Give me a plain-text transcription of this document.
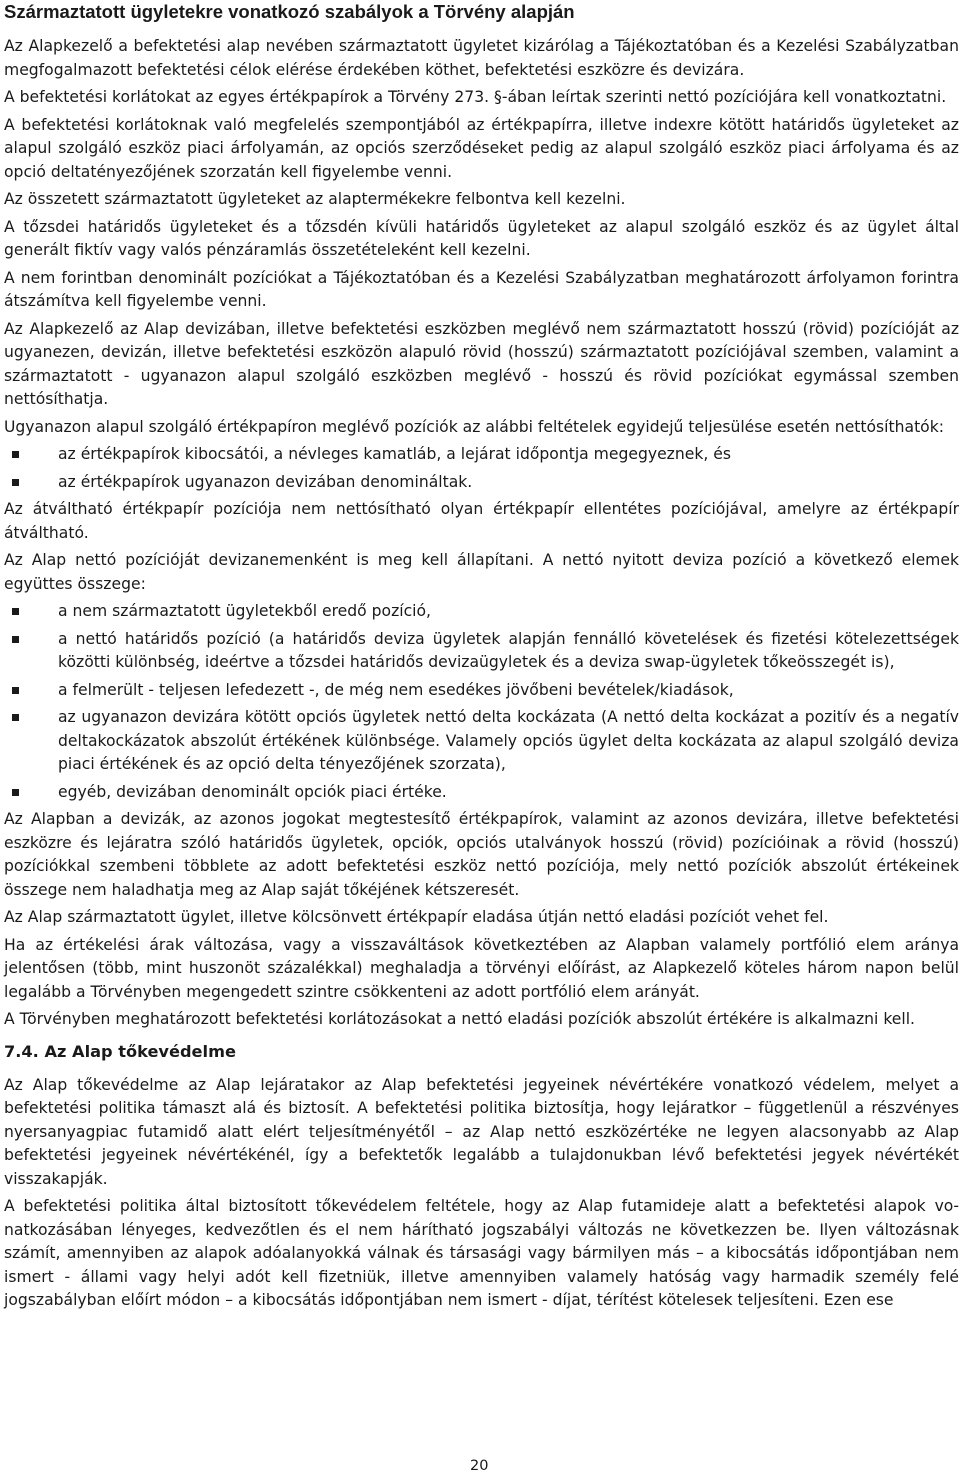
Származtatott ügyletekre vonatkozó szabályok a Törvény alapján

Az Alapkezelő a befektetési alap nevében származtatott ügyletet kizárólag a Tájékoztatóban és a Kezelési Szabályzatban megfogalmazott befektetési célok elérése érdekében köthet, befektetési eszközre és devizára.

A befektetési korlátokat az egyes értékpapírok a Törvény 273. §-ában leírtak szerinti nettó pozíciójára kell vonatkoztatni.

A befektetési korlátoknak való megfelelés szempontjából az értékpapírra, illetve indexre kötött határidős ügyleteket az alapul szolgáló eszköz piaci árfolyamán, az opciós szerződéseket pedig az alapul szolgáló eszköz piaci árfolyama és az opció deltatényezőjének szorzatán kell figyelembe venni.

Az összetett származtatott ügyleteket az alaptermékekre felbontva kell kezelni.

A tőzsdei határidős ügyleteket és a tőzsdén kívüli határidős ügyleteket az alapul szolgáló eszköz és az ügylet által generált fiktív vagy valós pénzáramlás összetételeként kell kezelni.

A nem forintban denominált pozíciókat a Tájékoztatóban és a Kezelési Szabályzatban meghatározott árfolyamon forintra átszámítva kell figyelembe venni.

Az Alapkezelő az Alap devizában, illetve befektetési eszközben meglévő nem származtatott hosszú (rövid) pozícióját az ugyanezen, devizán, illetve befektetési eszközön alapuló rövid (hosszú) származtatott pozíciójával szemben, valamint a származtatott - ugyanazon alapul szolgáló eszközben meglévő - hosszú és rövid pozíciókat egymással szemben nettósíthatja.

Ugyanazon alapul szolgáló értékpapíron meglévő pozíciók az alábbi feltételek egyidejű teljesülése esetén nettósíthatók:

az értékpapírok kibocsátói, a névleges kamatláb, a lejárat időpontja megegyeznek, és
az értékpapírok ugyanazon devizában denomináltak.

Az átváltható értékpapír pozíciója nem nettósítható olyan értékpapír ellentétes pozíciójával, amelyre az értékpapír átváltható.

Az Alap nettó pozícióját devizanemenként is meg kell állapítani. A nettó nyitott deviza pozíció a következő elemek együttes összege:

a nem származtatott ügyletekből eredő pozíció,
a nettó határidős pozíció (a határidős deviza ügyletek alapján fennálló követelések és fizetési kötelezettségek közötti különbség, ideértve a tőzsdei határidős devizaügyletek és a deviza swap-ügyletek tőkeösszegét is),
a felmerült - teljesen lefedezett -, de még nem esedékes jövőbeni bevételek/kiadások,
az ugyanazon devizára kötött opciós ügyletek nettó delta kockázata (A nettó delta kockázat a pozitív és a negatív deltakockázatok abszolút értékének különbsége. Valamely opciós ügylet delta kockázata az alapul szolgáló deviza piaci értékének és az opció delta tényezőjének szorzata),
egyéb, devizában denominált opciók piaci értéke.

Az Alapban a devizák, az azonos jogokat megtestesítő értékpapírok, valamint az azonos devizára, illetve befektetési eszközre és lejáratra szóló határidős ügyletek, opciók, opciós utalványok hosszú (rövid) pozícióinak a rövid (hosszú) pozíciókkal szembeni többlete az adott befektetési eszköz nettó pozíciója, mely nettó pozíciók abszolút értékeinek összege nem haladhatja meg az Alap saját tőkéjének kétszeresét.

Az Alap származtatott ügylet, illetve kölcsönvett értékpapír eladása útján nettó eladási pozíciót vehet fel.

Ha az értékelési árak változása, vagy a visszaváltások következtében az Alapban valamely portfólió elem aránya jelentősen (több, mint huszonöt százalékkal) meghaladja a törvényi előírást, az Alapkezelő köteles három napon belül legalább a Törvényben megengedett szintre csökkenteni az adott portfólió elem arányát.

A Törvényben meghatározott befektetési korlátozásokat a nettó eladási pozíciók abszolút értékére is alkalmazni kell.

7.4. Az Alap tőkevédelme

Az Alap tőkevédelme az Alap lejáratakor az Alap befektetési jegyeinek névértékére vonatkozó védelem, melyet a befektetési politika támaszt alá és biztosít. A befektetési politika biztosítja, hogy lejáratkor – függetlenül a részvényes nyersanyagpiac futamidő alatt elért teljesítményétől – az Alap nettó eszközértéke ne legyen alacsonyabb az Alap befektetési jegyeinek névértékénél, így a befektetők legalább a tulajdonukban lévő befektetési jegyek névértékét visszakapják.

A befektetési politika által biztosított tőkevédelem feltétele, hogy az Alap futamideje alatt a befektetési alapok vonatkozásában lényeges, kedvezőtlen és el nem hárítható jogszabályi változás ne következzen be. Ilyen változásnak számít, amennyiben az alapok adóalanyokká válnak és társasági vagy bármilyen más – a kibocsátás időpontjában nem ismert - állami vagy helyi adót kell fizetniük, illetve amennyiben valamely hatóság vagy harmadik személy felé jogszabályban előírt módon – a kibocsátás időpontjában nem ismert - díjat, térítést kötelesek teljesíteni. Ezen ese

20
